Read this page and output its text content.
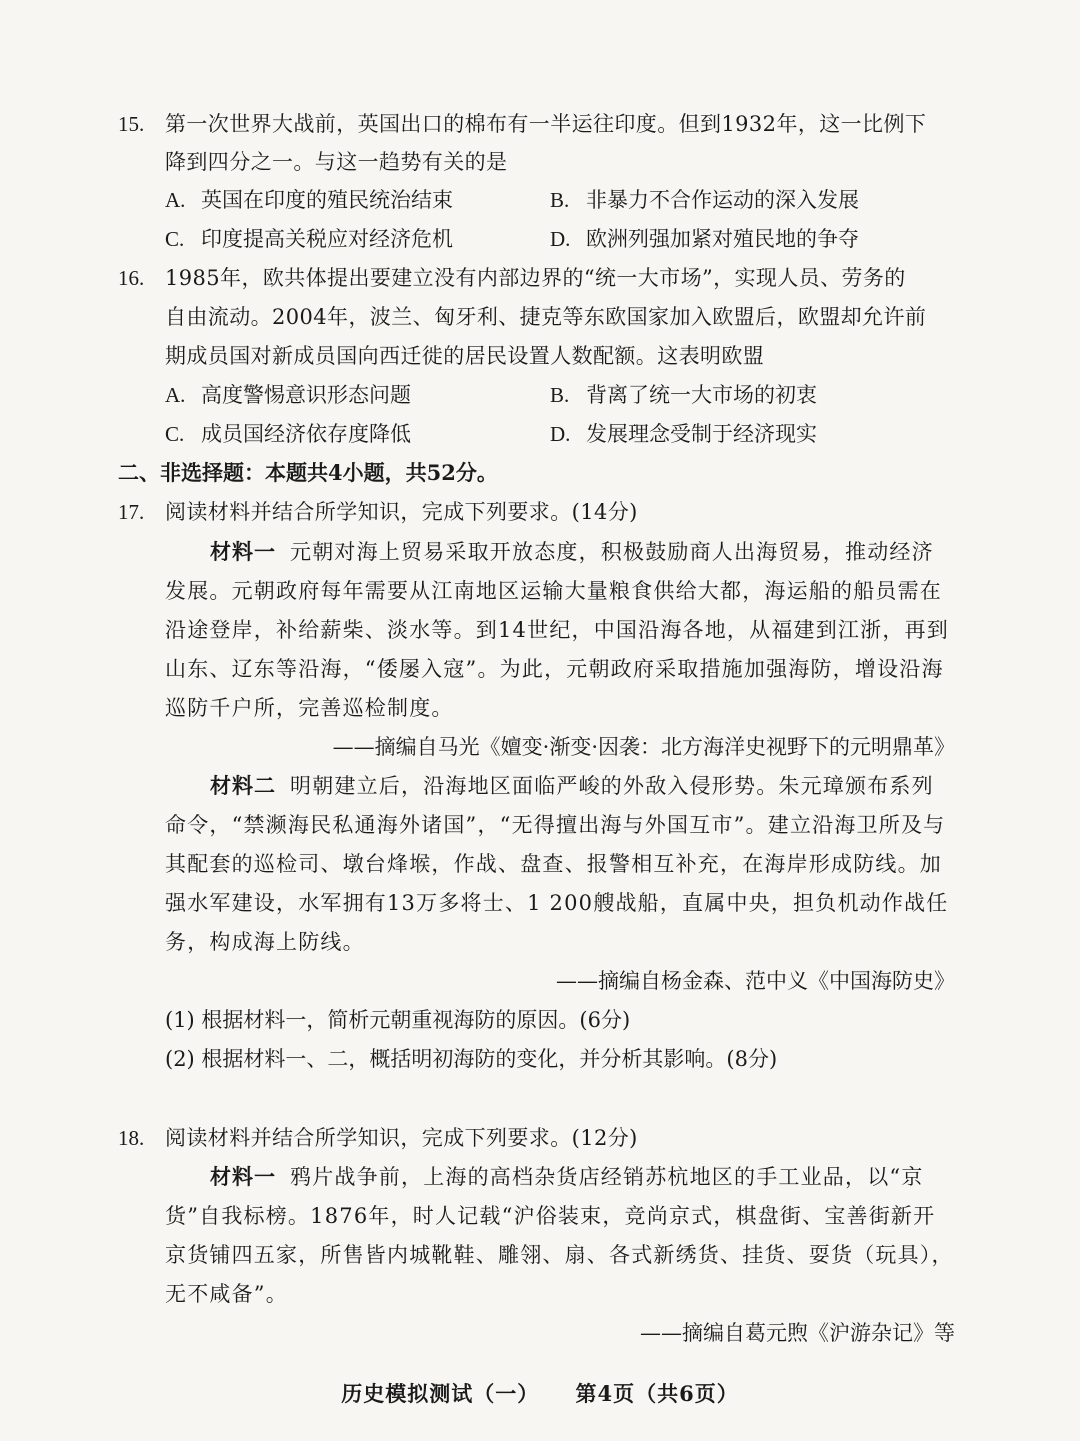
15. 第一次世界大战前，英国出口的棉布有一半运往印度。但到1932年，这一比例下
降到四分之一。与这一趋势有关的是
A. 英国在印度的殖民统治结束	B. 非暴力不合作运动的深入发展
C. 印度提高关税应对经济危机	D. 欧洲列强加紧对殖民地的争夺
16. 1985年，欧共体提出要建立没有内部边界的“统一大市场”，实现人员、劳务的
自由流动。2004年，波兰、匈牙利、捷克等东欧国家加入欧盟后，欧盟却允许前
期成员国对新成员国向西迁徙的居民设置人数配额。这表明欧盟
A. 高度警惕意识形态问题	B. 背离了统一大市场的初衷
C. 成员国经济依存度降低	D. 发展理念受制于经济现实
二、非选择题：本题共4小题，共52分。
17. 阅读材料并结合所学知识，完成下列要求。(14分)
材料一 元朝对海上贸易采取开放态度，积极鼓励商人出海贸易，推动经济
发展。元朝政府每年需要从江南地区运输大量粮食供给大都，海运船的船员需在
沿途登岸，补给薪柴、淡水等。到14世纪，中国沿海各地，从福建到江浙，再到
山东、辽东等沿海，“倭屡入寇”。为此，元朝政府采取措施加强海防，增设沿海
巡防千户所，完善巡检制度。
——摘编自马光《嬗变·渐变·因袭：北方海洋史视野下的元明鼎革》
材料二 明朝建立后，沿海地区面临严峻的外敌入侵形势。朱元璋颁布系列
命令，“禁濒海民私通海外诸国”，“无得擅出海与外国互市”。建立沿海卫所及与
其配套的巡检司、墩台烽堠，作战、盘查、报警相互补充，在海岸形成防线。加
强水军建设，水军拥有13万多将士、1 200艘战船，直属中央，担负机动作战任
务，构成海上防线。
——摘编自杨金森、范中义《中国海防史》
(1) 根据材料一，简析元朝重视海防的原因。(6分)
(2) 根据材料一、二，概括明初海防的变化，并分析其影响。(8分)
18. 阅读材料并结合所学知识，完成下列要求。(12分)
材料一 鸦片战争前，上海的高档杂货店经销苏杭地区的手工业品，以“京
货”自我标榜。1876年，时人记载“沪俗装束，竞尚京式，棋盘街、宝善街新开
京货铺四五家，所售皆内城靴鞋、雕翎、扇、各式新绣货、挂货、耍货（玩具），
无不咸备”。
——摘编自葛元煦《沪游杂记》等
历史模拟测试（一） 第4页（共6页）
